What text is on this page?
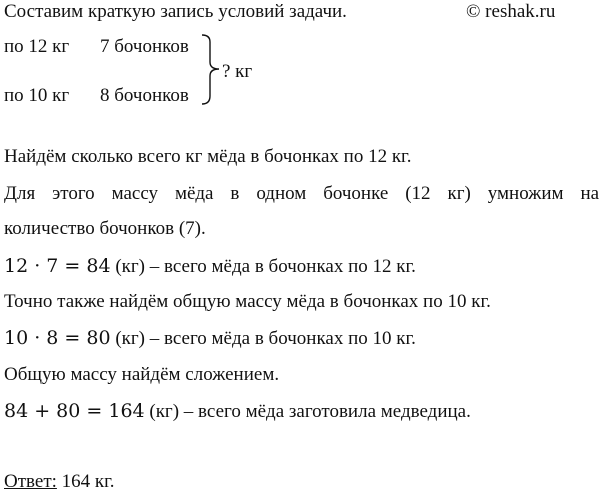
Составим краткую запись условий задачи.	© reshak.ru
по 12 кг 7 бочонков
по 10 кг 8 бочонков
? кг
Найдём сколько всего кг мёда в бочонках по 12 кг.
Для этого массу мёда в одном бочонке (12 кг) умножим на
количество бочонков (7).
12 · 7 = 84 (кг) – всего мёда в бочонках по 12 кг.
Точно также найдём общую массу мёда в бочонках по 10 кг.
10 · 8 = 80 (кг) – всего мёда в бочонках по 10 кг.
Общую массу найдём сложением.
84 + 80 = 164 (кг) – всего мёда заготовила медведица.
Ответ: 164 кг.
